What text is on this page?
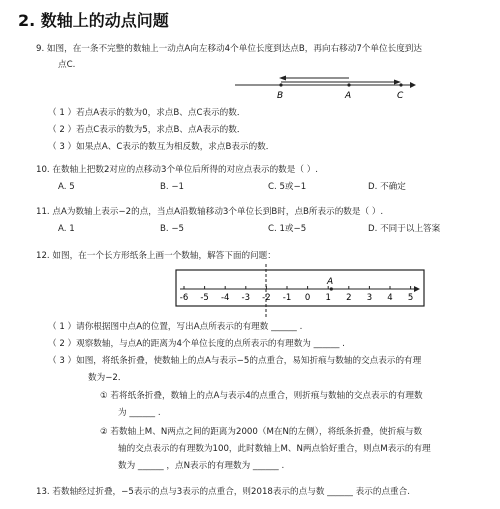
2. 数轴上的动点问题
9. 如图，在一条不完整的数轴上一动点A向左移动4个单位长度到达点B，再向右移动7个单位长度到达
点C.
B	A	C
（ 1 ）若点A表示的数为0，求点B、点C表示的数．
（ 2 ）若点C表示的数为5，求点B、点A表示的数．
（ 3 ）如果点A、C表示的数互为相反数，求点B表示的数．
10. 在数轴上把数2对应的点移动3个单位后所得的对应点表示的数是（ ）.
A. 5	B. −1	C. 5或−1	D. 不确定
11. 点A为数轴上表示−2的点，当点A沿数轴移动3个单位长到B时，点B所表示的数是（ ）.
A. 1	B. −5	C. 1或−5	D. 不同于以上答案
12. 如图，在一个长方形纸条上画一个数轴，解答下面的问题：
-6 -5 -4 -3 -2 -1 0 1 2 3 4 5
A
（ 1 ）请你根据图中点A的位置，写出A点所表示的有理数 ______ .
（ 2 ）观察数轴，与点A的距离为4个单位长度的点所表示的有理数为 ______ .
（ 3 ）如图，将纸条折叠，使数轴上的点A与表示−5的点重合，易知折痕与数轴的交点表示的有理
数为−2．
① 若将纸条折叠，数轴上的点A与表示4的点重合，则折痕与数轴的交点表示的有理数
为 ______ .
② 若数轴上M、N两点之间的距离为2000（M在N的左侧），将纸条折叠，使折痕与数
轴的交点表示的有理数为100，此时数轴上M、N两点恰好重合，则点M表示的有理
数为 ______ ，点N表示的有理数为 ______ .
13. 若数轴经过折叠，−5表示的点与3表示的点重合，则2018表示的点与数 ______ 表示的点重合.
